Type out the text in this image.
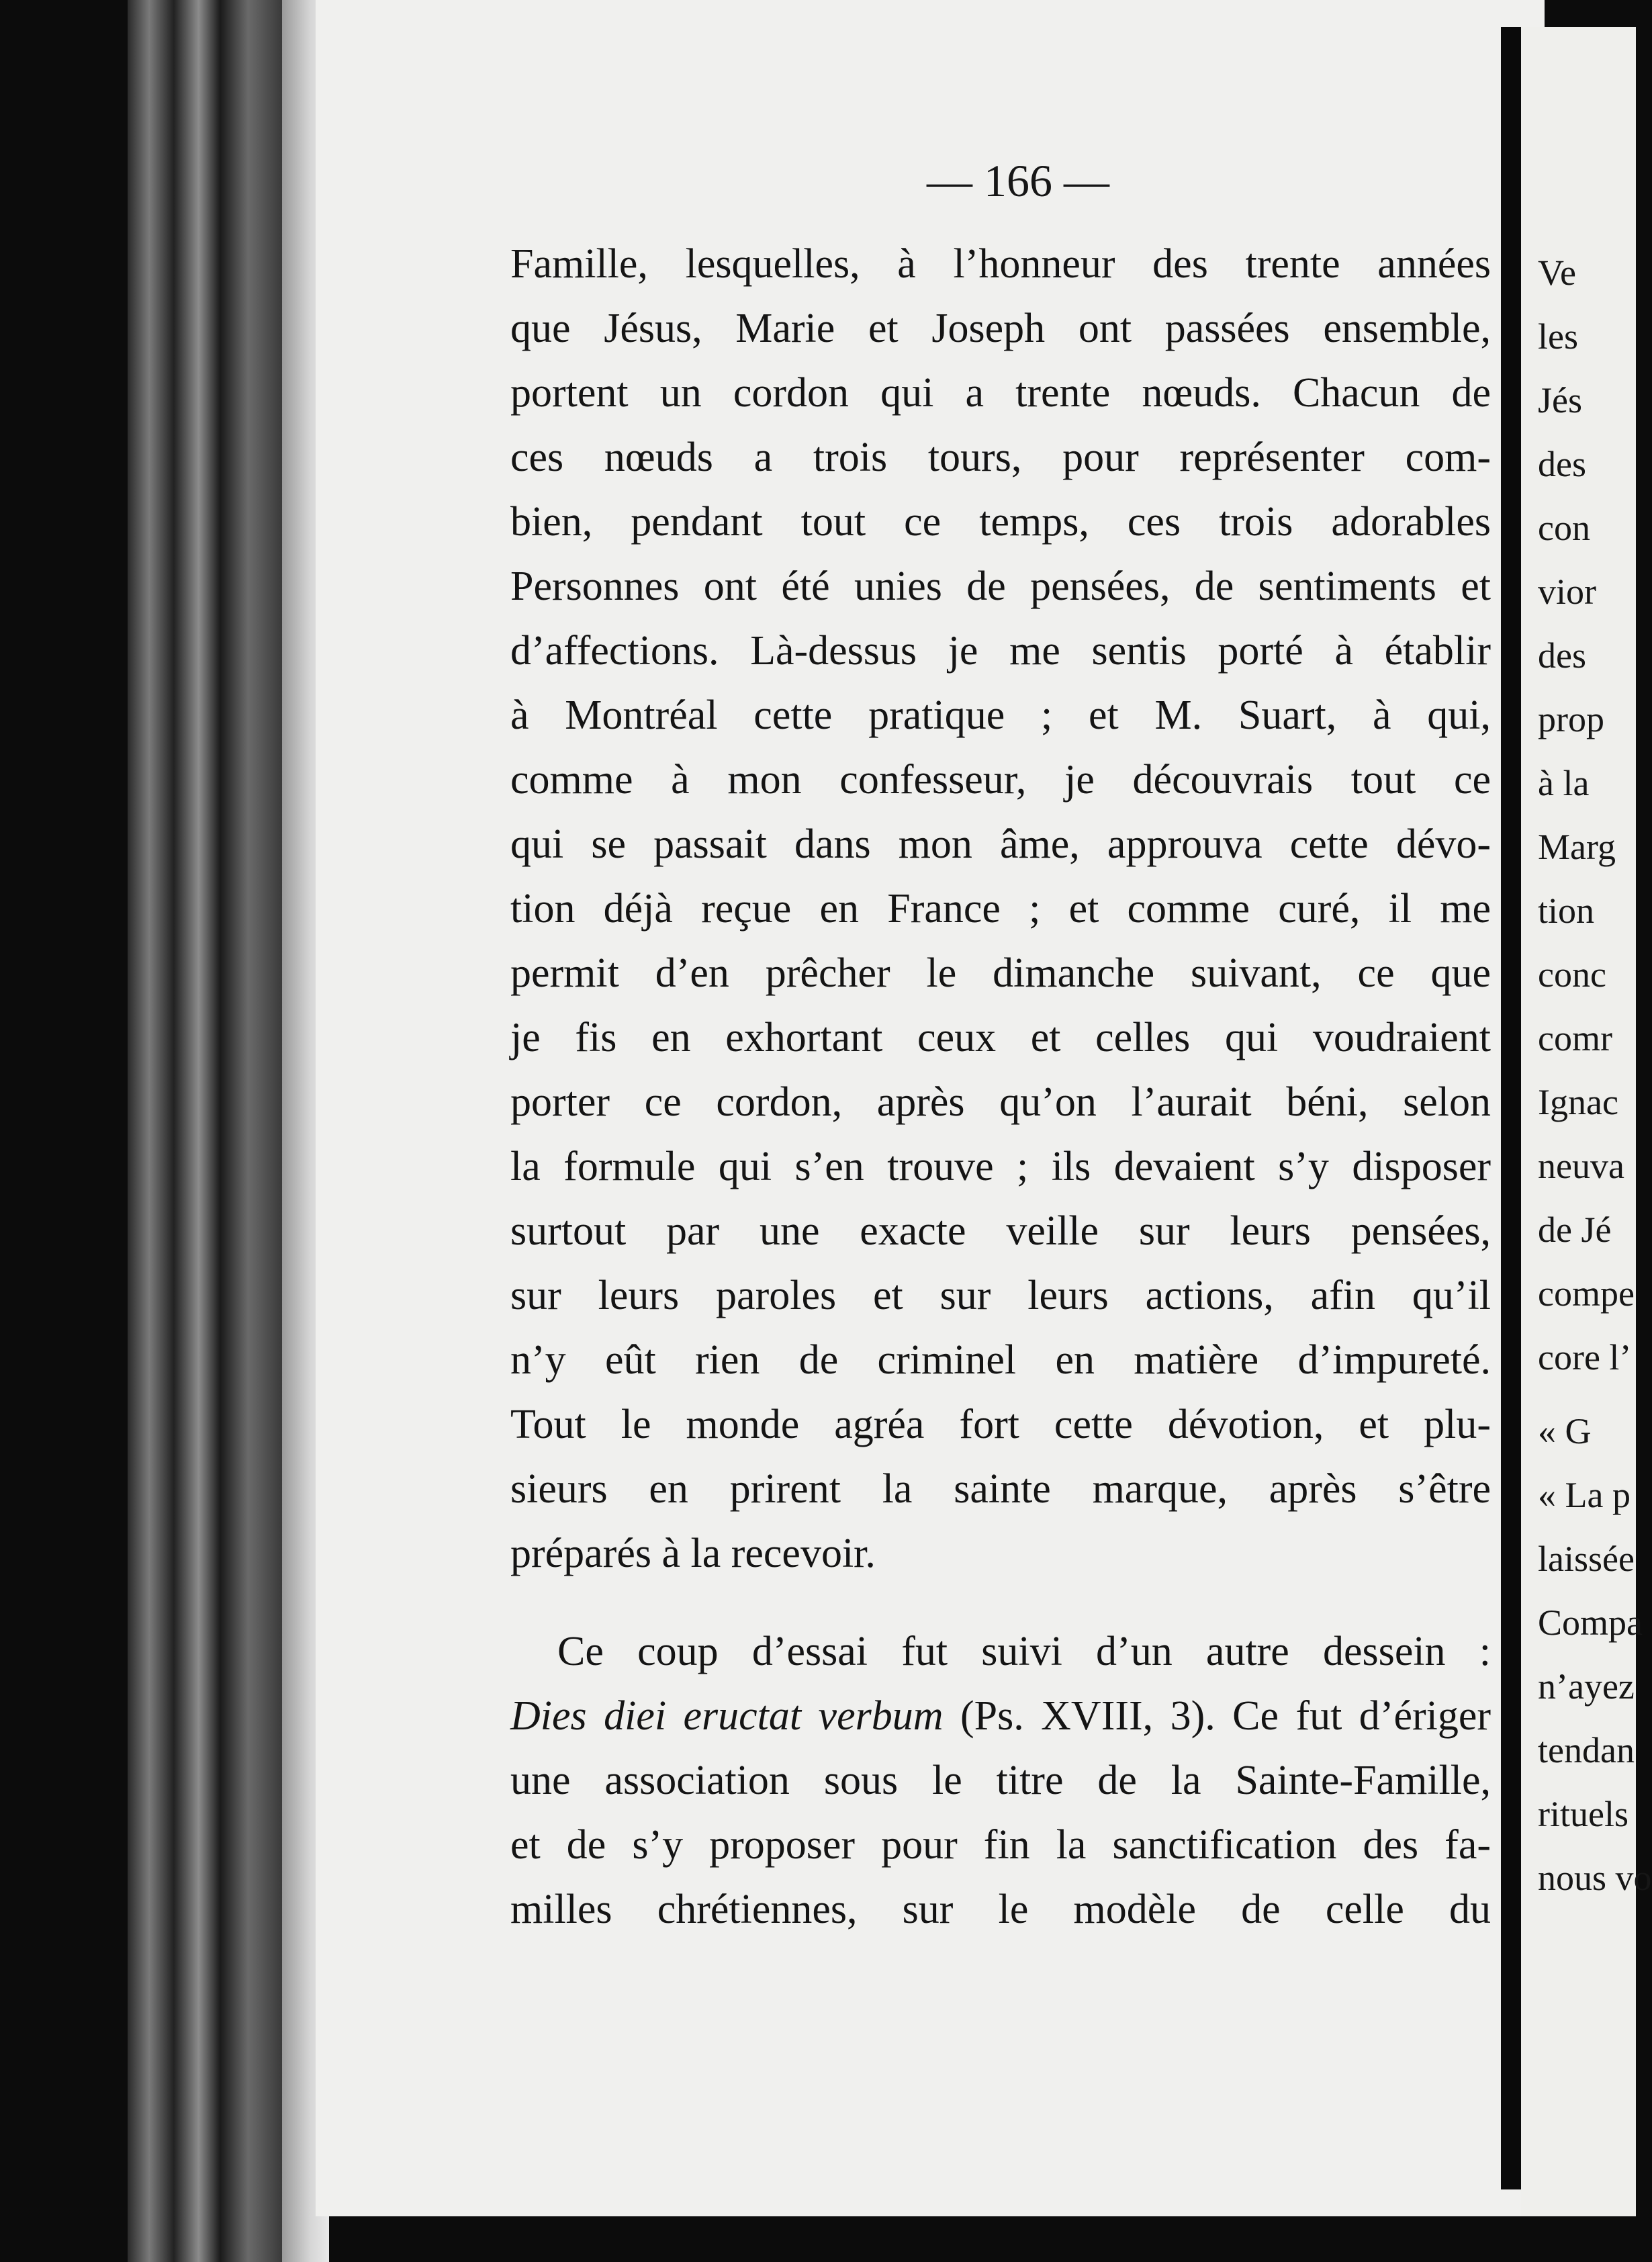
— 166 —
Famille, lesquelles, à l’honneur des trente années
que Jésus, Marie et Joseph ont passées ensemble,
portent un cordon qui a trente nœuds. Chacun de
ces nœuds a trois tours, pour représenter com-
bien, pendant tout ce temps, ces trois adorables
Personnes ont été unies de pensées, de sentiments et
d’affections. Là-dessus je me sentis porté à établir
à Montréal cette pratique ; et M. Suart, à qui,
comme à mon confesseur, je découvrais tout ce
qui se passait dans mon âme, approuva cette dévo-
tion déjà reçue en France ; et comme curé, il me
permit d’en prêcher le dimanche suivant, ce que
je fis en exhortant ceux et celles qui voudraient
porter ce cordon, après qu’on l’aurait béni, selon
la formule qui s’en trouve ; ils devaient s’y disposer
surtout par une exacte veille sur leurs pensées,
sur leurs paroles et sur leurs actions, afin qu’il
n’y eût rien de criminel en matière d’impureté.
Tout le monde agréa fort cette dévotion, et plu-
sieurs en prirent la sainte marque, après s’être
préparés à la recevoir.
Ce coup d’essai fut suivi d’un autre dessein :
Dies diei eructat verbum (Ps. XVIII, 3). Ce fut d’ériger
une association sous le titre de la Sainte-Famille,
et de s’y proposer pour fin la sanctification des fa-
milles chrétiennes, sur le modèle de celle du
Ve
les
Jés
des
con
vior
des
prop
à la
Marg
tion
conc
comr
Ignac
neuva
de Jé
compe
core l’
« G
« La p
laissée
Compa
n’ayez
tendan
rituels
nous vo
